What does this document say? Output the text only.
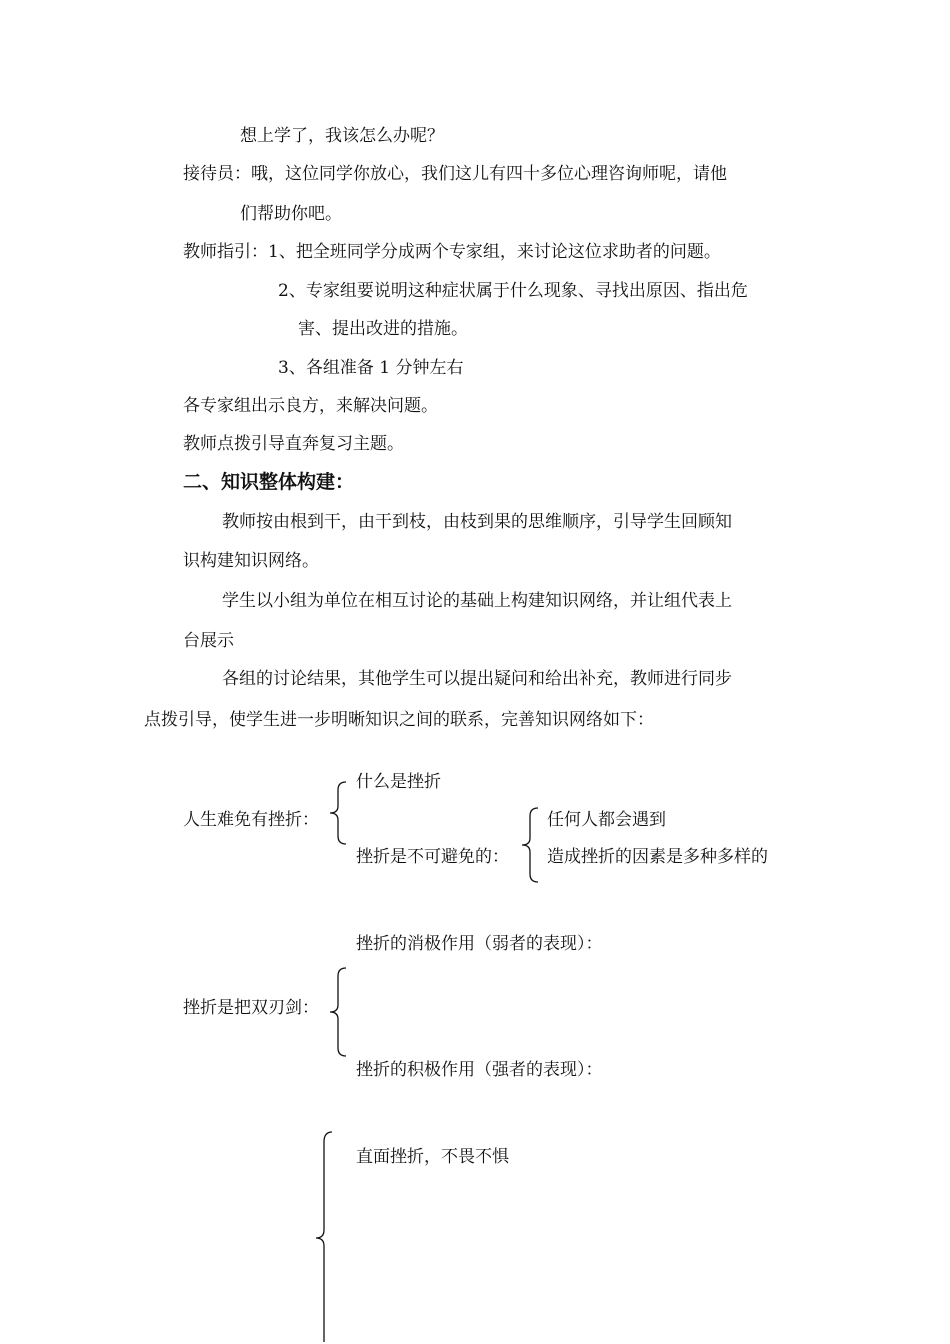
想上学了，我该怎么办呢？
接待员：哦，这位同学你放心，我们这儿有四十多位心理咨询师呢，请他
们帮助你吧。
教师指引：1、把全班同学分成两个专家组，来讨论这位求助者的问题。
2、专家组要说明这种症状属于什么现象、寻找出原因、指出危
害、提出改进的措施。
3、各组准备 1 分钟左右
各专家组出示良方，来解决问题。
教师点拨引导直奔复习主题。
二、知识整体构建：
教师按由根到干，由干到枝，由枝到果的思维顺序，引导学生回顾知
识构建知识网络。
学生以小组为单位在相互讨论的基础上构建知识网络，并让组代表上
台展示
各组的讨论结果，其他学生可以提出疑问和给出补充，教师进行同步
点拨引导，使学生进一步明晰知识之间的联系，完善知识网络如下：
人生难免有挫折：
什么是挫折
挫折是不可避免的：
任何人都会遇到
造成挫折的因素是多种多样的
挫折的消极作用（弱者的表现）：
挫折是把双刃剑：
挫折的积极作用（强者的表现）：
直面挫折，不畏不惧
